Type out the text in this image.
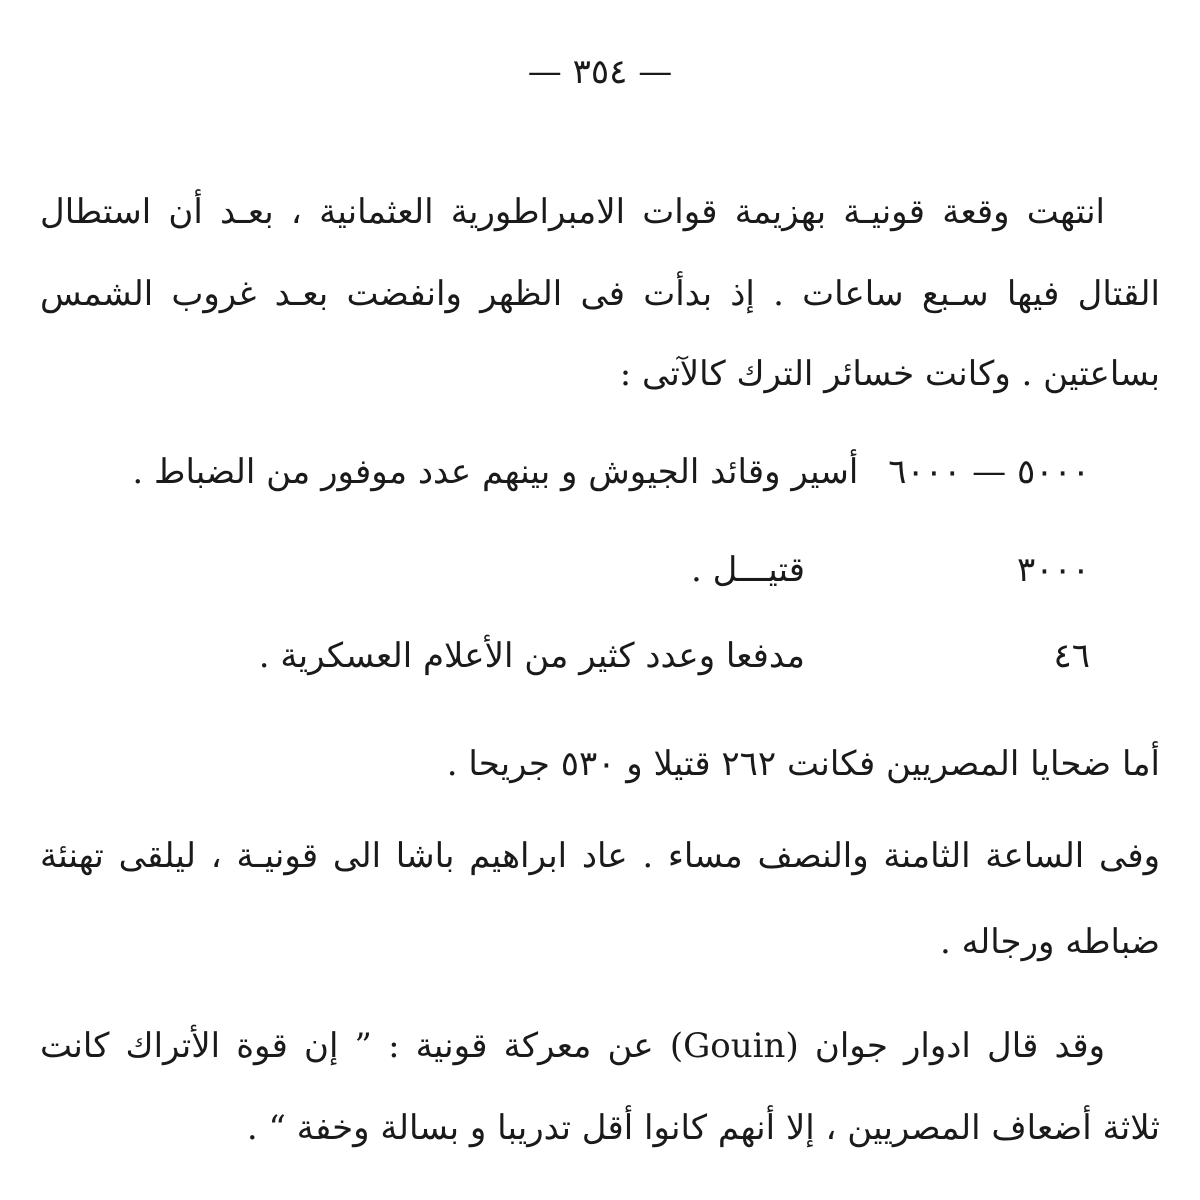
— ٣٥٤ —
انتهت وقعة قونيـة بهزيمة قوات الامبراطورية العثمانية ، بعـد أن استطال
القتال فيها سـبع ساعات . إذ بدأت فى الظهر وانفضت بعـد غروب الشمس
بساعتين . وكانت خسائر الترك كالآتى :
٥٠٠٠ — ٦٠٠٠أسير وقائد الجيوش و بينهم عدد موفور من الضباط .
٣٠٠٠قتيـــل .
٤٦مدفعا وعدد كثير من الأعلام العسكرية .
أما ضحايا المصريين فكانت ٢٦٢ قتيلا و ٥٣٠ جريحا .
وفى الساعة الثامنة والنصف مساء . عاد ابراهيم باشا الى قونيـة ، ليلقى تهنئة
ضباطه ورجاله .
وقد قال ادوار جوان (Gouin) عن معركة قونية : ” إن قوة الأتراك كانت
ثلاثة أضعاف المصريين ، إلا أنهم كانوا أقل تدريبا و بسالة وخفة “ .
